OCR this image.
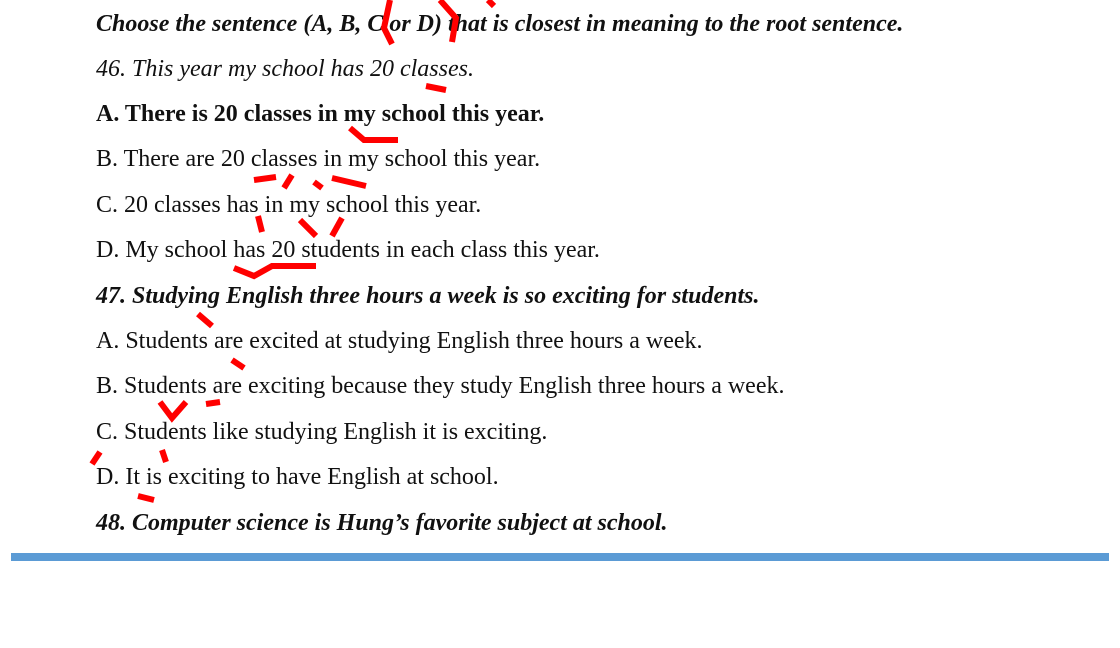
Choose the sentence (A, B, C or D) that is closest in meaning to the root sentence.
46. This year my school has 20 classes.
A. There is 20 classes in my school this year.
B. There are 20 classes in my school this year.
C. 20 classes has in my school this year.
D. My school has 20 students in each class this year.
47. Studying English three hours a week is so exciting for students.
A. Students are excited at studying English three hours a week.
B. Students are exciting because they study English three hours a week.
C. Students like studying English it is exciting.
D. It is exciting to have English at school.
48. Computer science is Hung’s favorite subject at school.
